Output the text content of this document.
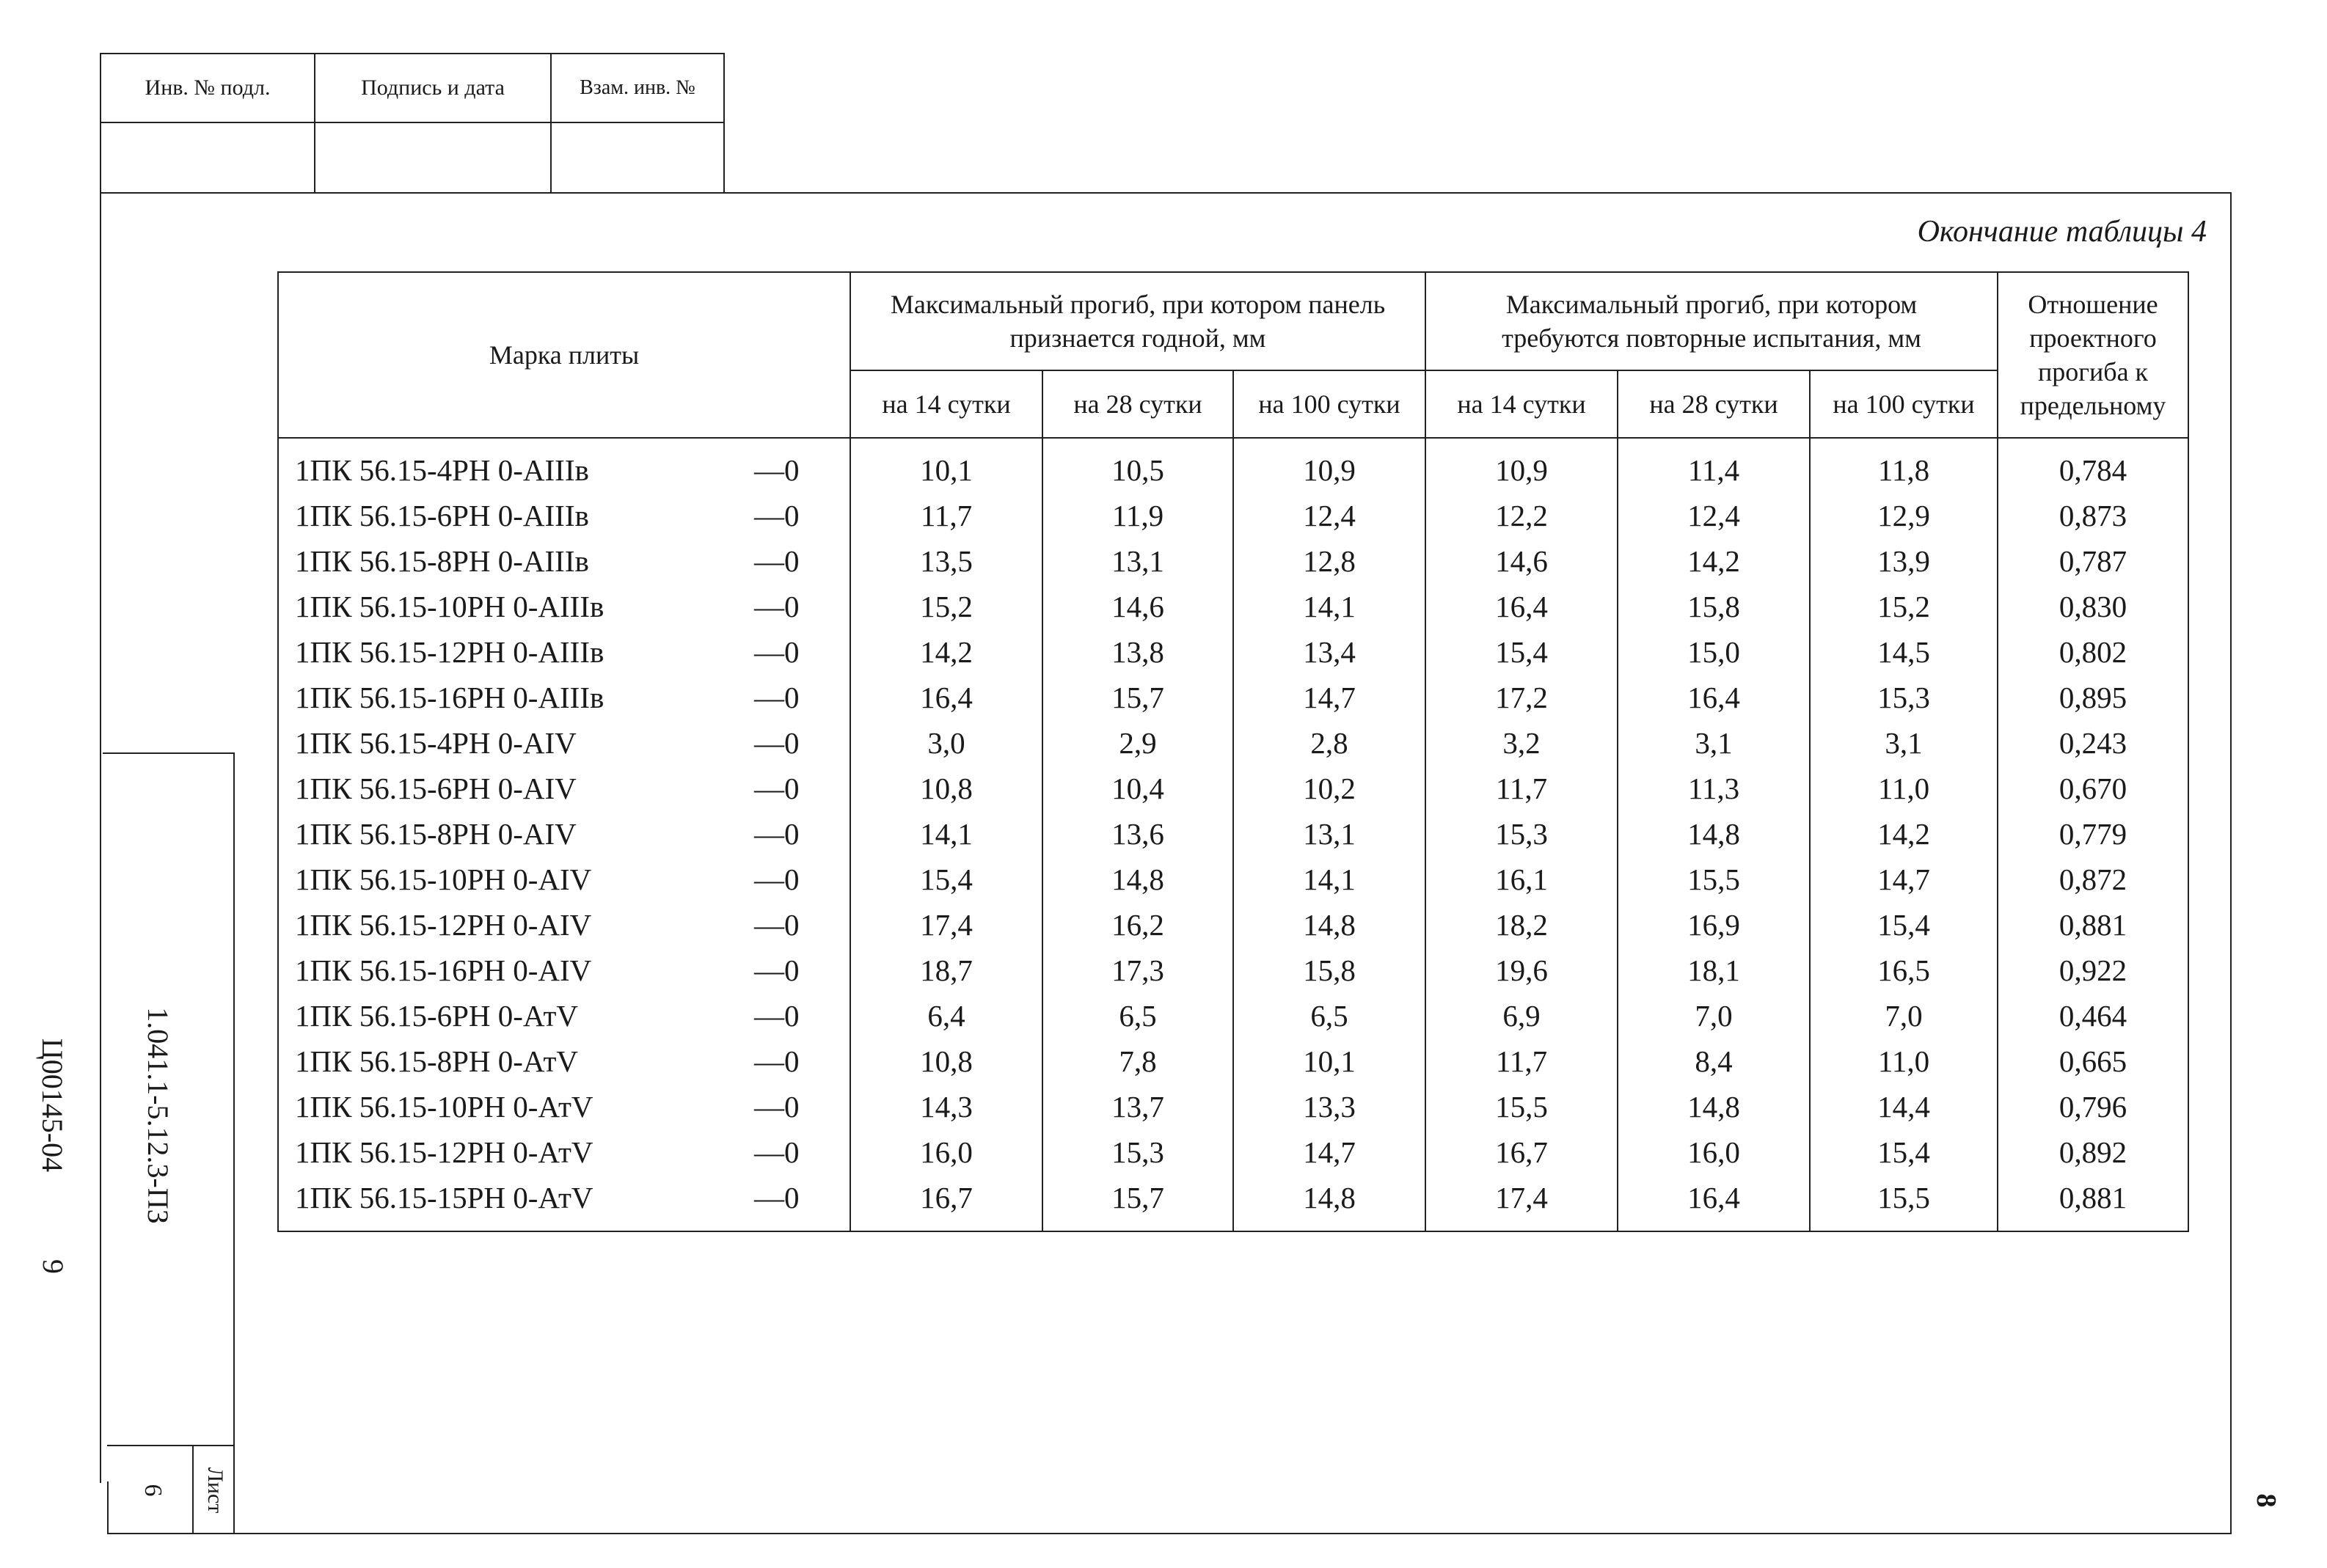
Инв. № подл.	Подпись и дата	Взам. инв. №
Окончание таблицы 4
Марка плиты	Максимальный прогиб, при котором панель признается годной, мм			Максимальный прогиб, при котором требуются повторные испытания, мм			Отношение проектного прогиба к предельному
	на 14 сутки	на 28 сутки	на 100 сутки	на 14 сутки	на 28 сутки	на 100 сутки	
1ПК 56.15-4РН 0-АIIIв —0	10,1	10,5	10,9	10,9	11,4	11,8	0,784
1ПК 56.15-6РН 0-АIIIв —0	11,7	11,9	12,4	12,2	12,4	12,9	0,873
1ПК 56.15-8РН 0-АIIIв —0	13,5	13,1	12,8	14,6	14,2	13,9	0,787
1ПК 56.15-10РН 0-АIIIв —0	15,2	14,6	14,1	16,4	15,8	15,2	0,830
1ПК 56.15-12РН 0-АIIIв —0	14,2	13,8	13,4	15,4	15,0	14,5	0,802
1ПК 56.15-16РН 0-АIIIв —0	16,4	15,7	14,7	17,2	16,4	15,3	0,895
1ПК 56.15-4РН 0-АIV —0	3,0	2,9	2,8	3,2	3,1	3,1	0,243
1ПК 56.15-6РН 0-АIV —0	10,8	10,4	10,2	11,7	11,3	11,0	0,670
1ПК 56.15-8РН 0-АIV —0	14,1	13,6	13,1	15,3	14,8	14,2	0,779
1ПК 56.15-10РН 0-АIV —0	15,4	14,8	14,1	16,1	15,5	14,7	0,872
1ПК 56.15-12РН 0-АIV —0	17,4	16,2	14,8	18,2	16,9	15,4	0,881
1ПК 56.15-16РН 0-АIV —0	18,7	17,3	15,8	19,6	18,1	16,5	0,922
1ПК 56.15-6РН 0-АтV —0	6,4	6,5	6,5	6,9	7,0	7,0	0,464
1ПК 56.15-8РН 0-АтV —0	10,8	7,8	10,1	11,7	8,4	11,0	0,665
1ПК 56.15-10РН 0-АтV —0	14,3	13,7	13,3	15,5	14,8	14,4	0,796
1ПК 56.15-12РН 0-АтV —0	16,0	15,3	14,7	16,7	16,0	15,4	0,892
1ПК 56.15-15РН 0-АтV —0	16,7	15,7	14,8	17,4	16,4	15,5	0,881
1.041.1-5.12.3-ПЗ
Лист
6
8
Ц00145-04
9
